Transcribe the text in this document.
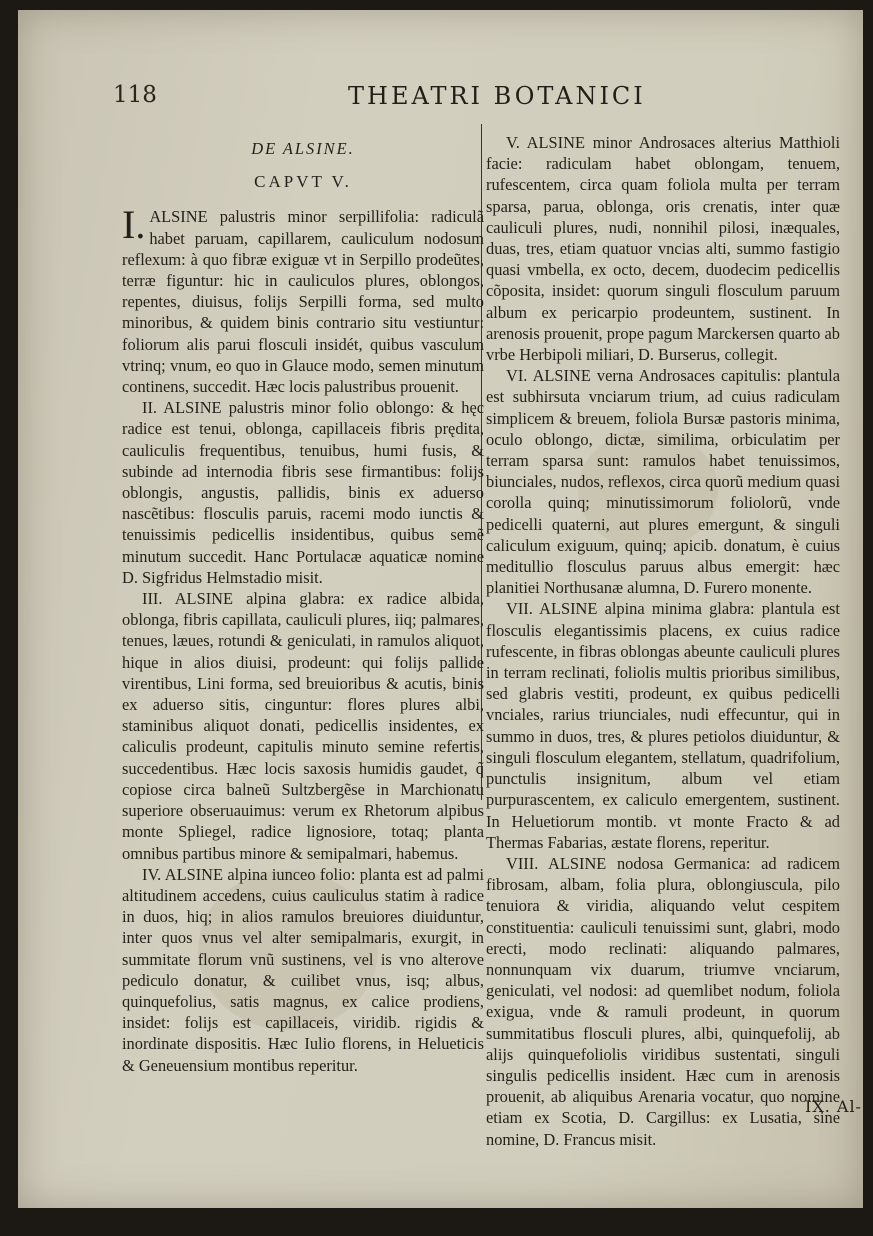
118	THEATRI BOTANICI
DE ALSINE.
CAPVT V.

I.ALSINE palustris minor serpillifolia: radiculã habet paruam, capillarem, cauliculum nodosum reflexum: à quo fibræ exiguæ vt in Serpillo prodeũtes, terræ figuntur: hic in cauliculos plures, oblongos, repentes, diuisus, folijs Serpilli forma, sed multo minoribus, & quidem binis contrario situ vestiuntur: foliorum alis parui flosculi insidét, quibus vasculum vtrinq; vnum, eo quo in Glauce modo, semen minutum continens, succedit. Hæc locis palustribus prouenit.

II. ALSINE palustris minor folio oblongo: & hęc radice est tenui, oblonga, capillaceis fibris prędita, cauliculis frequentibus, tenuibus, humi fusis, & subinde ad internodia fibris sese firmantibus: folijs oblongis, angustis, pallidis, binis ex aduerso nascẽtibus: flosculis paruis, racemi modo iunctis & tenuissimis pedicellis insidentibus, quibus semẽ minutum succedit. Hanc Portulacæ aquaticæ nomine D. Sigfridus Helmstadio misit.

III. ALSINE alpina glabra: ex radice albida, oblonga, fibris capillata, cauliculi plures, iiq; palmares, tenues, læues, rotundi & geniculati, in ramulos aliquot, hique in alios diuisi, prodeunt: qui folijs pallide virentibus, Lini forma, sed breuioribus & acutis, binis ex aduerso sitis, cinguntur: flores plures albi, staminibus aliquot donati, pedicellis insidentes, ex caliculis prodeunt, capitulis minuto semine refertis, succedentibus. Hæc locis saxosis humidis gaudet, q̃ copiose circa balneũ Sultzbergẽse in Marchionatu superiore obseruauimus: verum ex Rhetorum alpibus monte Spliegel, radice lignosiore, totaq; planta omnibus partibus minore & semipalmari, habemus.

IV. ALSINE alpina iunceo folio: planta est ad palmi altitudinem accedens, cuius cauliculus statim à radice in duos, hiq; in alios ramulos breuiores diuiduntur, inter quos vnus vel alter semipalmaris, exurgit, in summitate florum vnũ sustinens, vel is vno alterove pediculo donatur, & cuilibet vnus, isq; albus, quinquefolius, satis magnus, ex calice prodiens, insidet: folijs est capillaceis, viridib. rigidis & inordinate dispositis. Hæc Iulio florens, in Helueticis & Geneuensium montibus reperitur.

V. ALSINE minor Androsaces alterius Matthioli facie: radiculam habet oblongam, tenuem, rufescentem, circa quam foliola multa per terram sparsa, parua, oblonga, oris crenatis, inter quæ cauliculi plures, nudi, nonnihil pilosi, inæquales, duas, tres, etiam quatuor vncias alti, summo fastigio quasi vmbella, ex octo, decem, duodecim pedicellis cõposita, insidet: quorum singuli flosculum paruum album ex pericarpio prodeuntem, sustinent. In arenosis prouenit, prope pagum Marckersen quarto ab vrbe Herbipoli miliari, D. Burserus, collegit.

VI. ALSINE verna Androsaces capitulis: plantula est subhirsuta vnciarum trium, ad cuius radiculam simplicem & breuem, foliola Bursæ pastoris minima, oculo oblongo, dictæ, similima, orbiculatim per terram sparsa sunt: ramulos habet tenuissimos, biunciales, nudos, reflexos, circa quorũ medium quasi corolla quinq; minutissimorum foliolorũ, vnde pedicelli quaterni, aut plures emergunt, & singuli caliculum exiguum, quinq; apicib. donatum, è cuius meditullio flosculus paruus albus emergit: hæc planitiei Northusanæ alumna, D. Furero monente.

VII. ALSINE alpina minima glabra: plantula est flosculis elegantissimis placens, ex cuius radice rufescente, in fibras oblongas abeunte cauliculi plures in terram reclinati, foliolis multis prioribus similibus, sed glabris vestiti, prodeunt, ex quibus pedicelli vnciales, rarius triunciales, nudi effecuntur, qui in summo in duos, tres, & plures petiolos diuiduntur, & singuli flosculum elegantem, stellatum, quadrifolium, punctulis insignitum, album vel etiam purpurascentem, ex caliculo emergentem, sustinent. In Heluetiorum montib. vt monte Fracto & ad Thermas Fabarias, æstate florens, reperitur.

VIII. ALSINE nodosa Germanica: ad radicem fibrosam, albam, folia plura, oblongiuscula, pilo tenuiora & viridia, aliquando velut cespitem constituentia: cauliculi tenuissimi sunt, glabri, modo erecti, modo reclinati: aliquando palmares, nonnunquam vix duarum, triumve vnciarum, geniculati, vel nodosi: ad quemlibet nodum, foliola exigua, vnde & ramuli prodeunt, in quorum summitatibus flosculi plures, albi, quinquefolij, ab alijs quinquefoliolis viridibus sustentati, singuli singulis pedicellis insident. Hæc cum in arenosis prouenit, ab aliquibus Arenaria vocatur, quo nomine etiam ex Scotia, D. Cargillus: ex Lusatia, sine nomine, D. Francus misit.

IX. Al-
